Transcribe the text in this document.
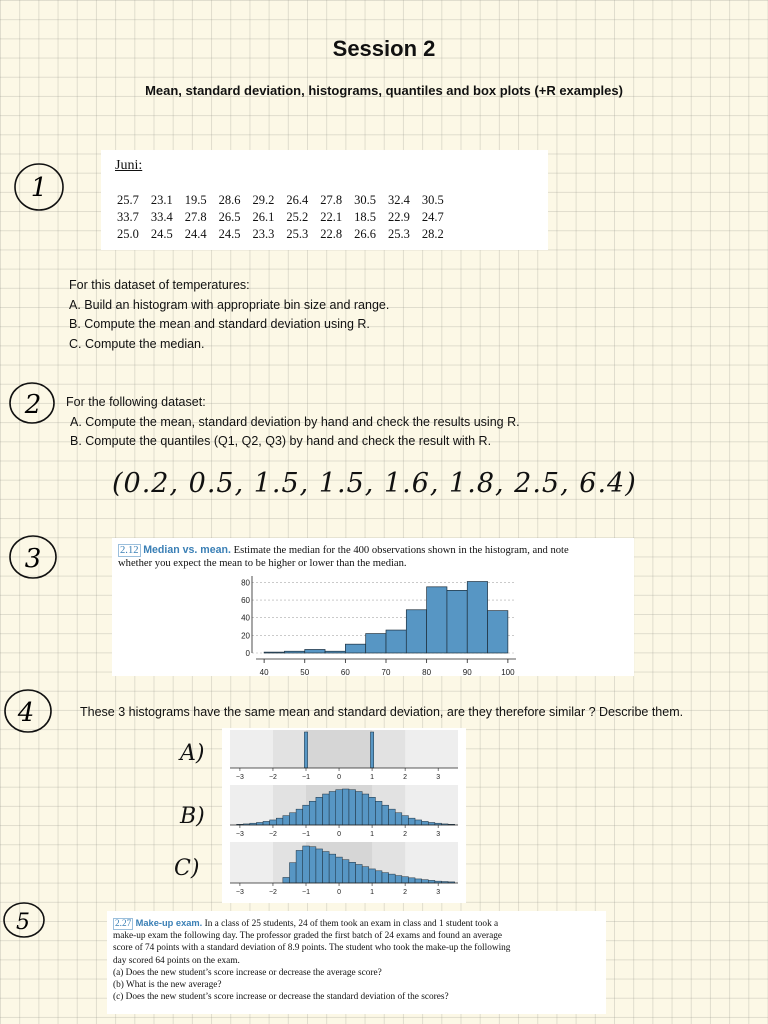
Session 2
Mean, standard deviation, histograms, quantiles and box plots (+R examples)
1
2
3
4
5
Juni:
25.7	23.1	19.5	28.6	29.2	26.4	27.8	30.5	32.4	30.5
33.7	33.4	27.8	26.5	26.1	25.2	22.1	18.5	22.9	24.7
25.0	24.5	24.4	24.5	23.3	25.3	22.8	26.6	25.3	28.2
For this dataset of temperatures:
A. Build an histogram with appropriate bin size and range.
B. Compute the mean and standard deviation using R.
C. Compute the median.
For the following dataset:
A. Compute the mean, standard deviation by hand and check the results using R.
B. Compute the quantiles (Q1, Q2, Q3) by hand and check the result with R.
(0.2, 0.5, 1.5, 1.5, 1.6, 1.8, 2.5, 6.4)
2.12 Median vs. mean. Estimate the median for the 400 observations shown in the histogram, and note
whether you expect the mean to be higher or lower than the median.
0
20
40
60
80
40	50	60	70	80	90	100
These 3 histograms have the same mean and standard deviation, are they therefore similar ? Describe them.
A)
B)
C)
−3	−2	−1	0	1	2	3
−3	−2	−1	0	1	2	3
−3	−2	−1	0	1	2	3
2.27 Make-up exam. In a class of 25 students, 24 of them took an exam in class and 1 student took a
make-up exam the following day. The professor graded the first batch of 24 exams and found an average
score of 74 points with a standard deviation of 8.9 points. The student who took the make-up the following
day scored 64 points on the exam.
(a) Does the new student’s score increase or decrease the average score?
(b) What is the new average?
(c) Does the new student’s score increase or decrease the standard deviation of the scores?
